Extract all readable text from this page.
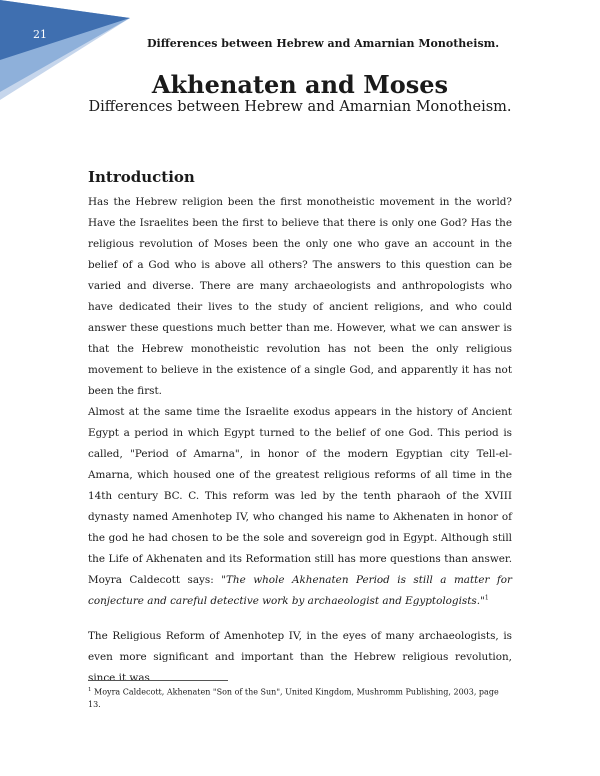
21
Differences between Hebrew and Amarnian Monotheism.
Akhenaten and Moses
Differences between Hebrew and Amarnian Monotheism.
Introduction

Has the Hebrew religion been the first monotheistic movement in the world? Have the Israelites been the first to believe that there is only one God? Has the religious revolution of Moses been the only one who gave an account in the belief of a God who is above all others? The answers to this question can be varied and diverse. There are many archaeologists and anthropologists who have dedicated their lives to the study of ancient religions, and who could answer these questions much better than me. However, what we can answer is that the Hebrew monotheistic revolution has not been the only religious movement to believe in the existence of a single God, and apparently it has not been the first.

Almost at the same time the Israelite exodus appears in the history of Ancient Egypt a period in which Egypt turned to the belief of one God. This period is called, "Period of Amarna", in honor of the modern Egyptian city Tell-el-Amarna, which housed one of the greatest religious reforms of all time in the 14th century BC. C. This reform was led by the tenth pharaoh of the XVIII dynasty named Amenhotep IV, who changed his name to Akhenaten in honor of the god he had chosen to be the sole and sovereign god in Egypt. Although still the Life of Akhenaten and its Reformation still has more questions than answer. Moyra Caldecott says: "The whole Akhenaten Period is still a matter for conjecture and careful detective work by archaeologist and Egyptologists."$^1$

The Religious Reform of Amenhotep IV, in the eyes of many archaeologists, is even more significant and important than the Hebrew religious revolution, since it was

$^1$ Moyra Caldecott, Akhenaten "Son of the Sun", United Kingdom, Mushromm Publishing, 2003, page 13.
